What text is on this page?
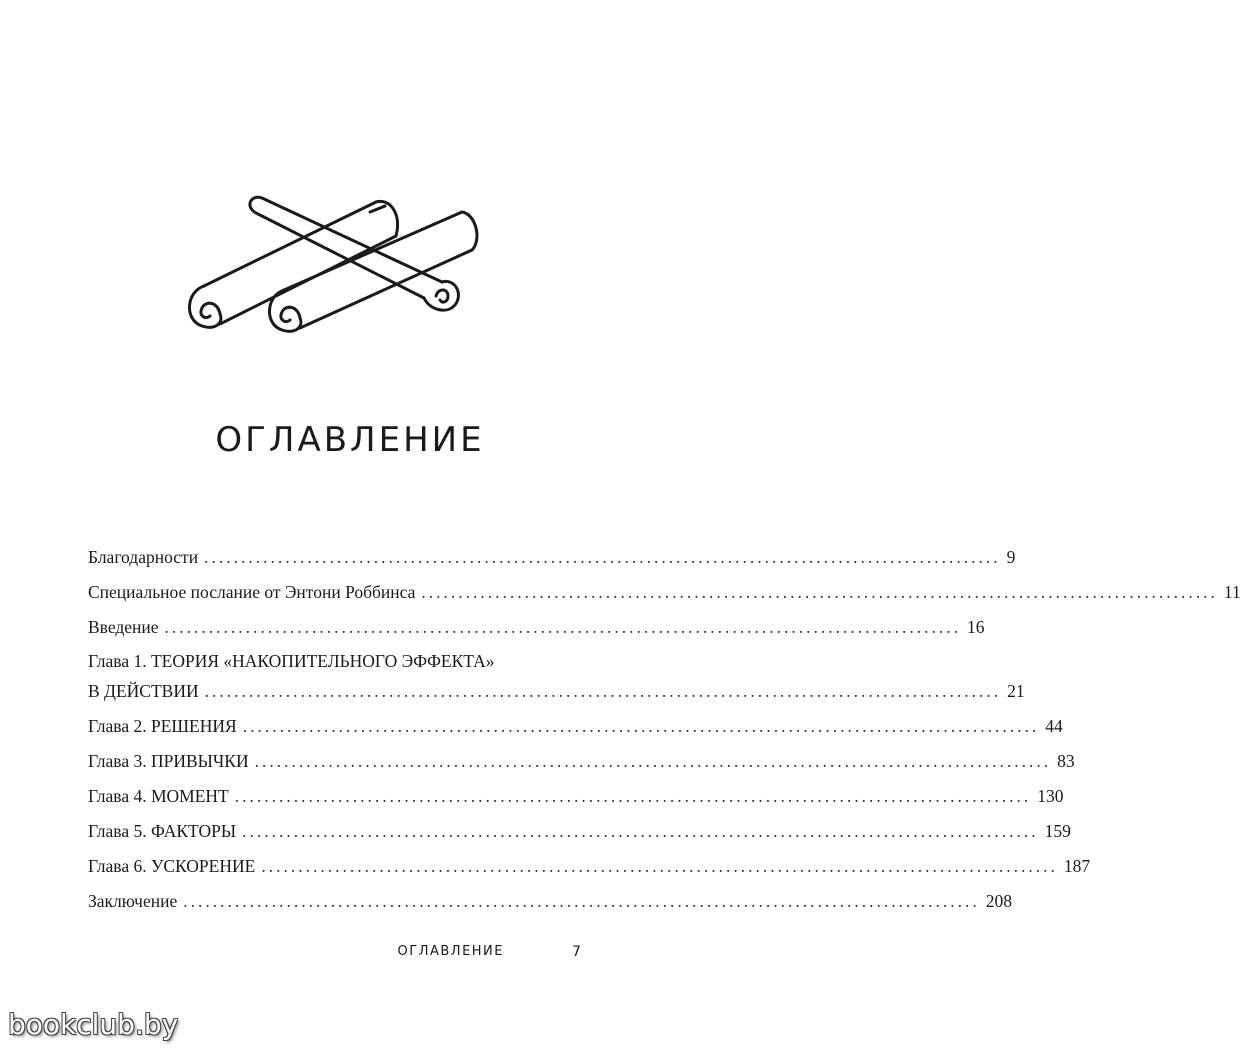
ОГЛАВЛЕНИЕ
Благодарности ............................................................................................................ 9
Специальное послание от Энтони Роббинса ............................................................................................................ 11
Введение ............................................................................................................ 16
Глава 1. ТЕОРИЯ «НАКОПИТЕЛЬНОГО ЭФФЕКТА»
В ДЕЙСТВИИ ............................................................................................................ 21
Глава 2. РЕШЕНИЯ ............................................................................................................ 44
Глава 3. ПРИВЫЧКИ ............................................................................................................ 83
Глава 4. МОМЕНТ ............................................................................................................ 130
Глава 5. ФАКТОРЫ ............................................................................................................ 159
Глава 6. УСКОРЕНИЕ ............................................................................................................ 187
Заключение ............................................................................................................ 208
ОГЛАВЛЕНИЕ	7
bookclub.by
